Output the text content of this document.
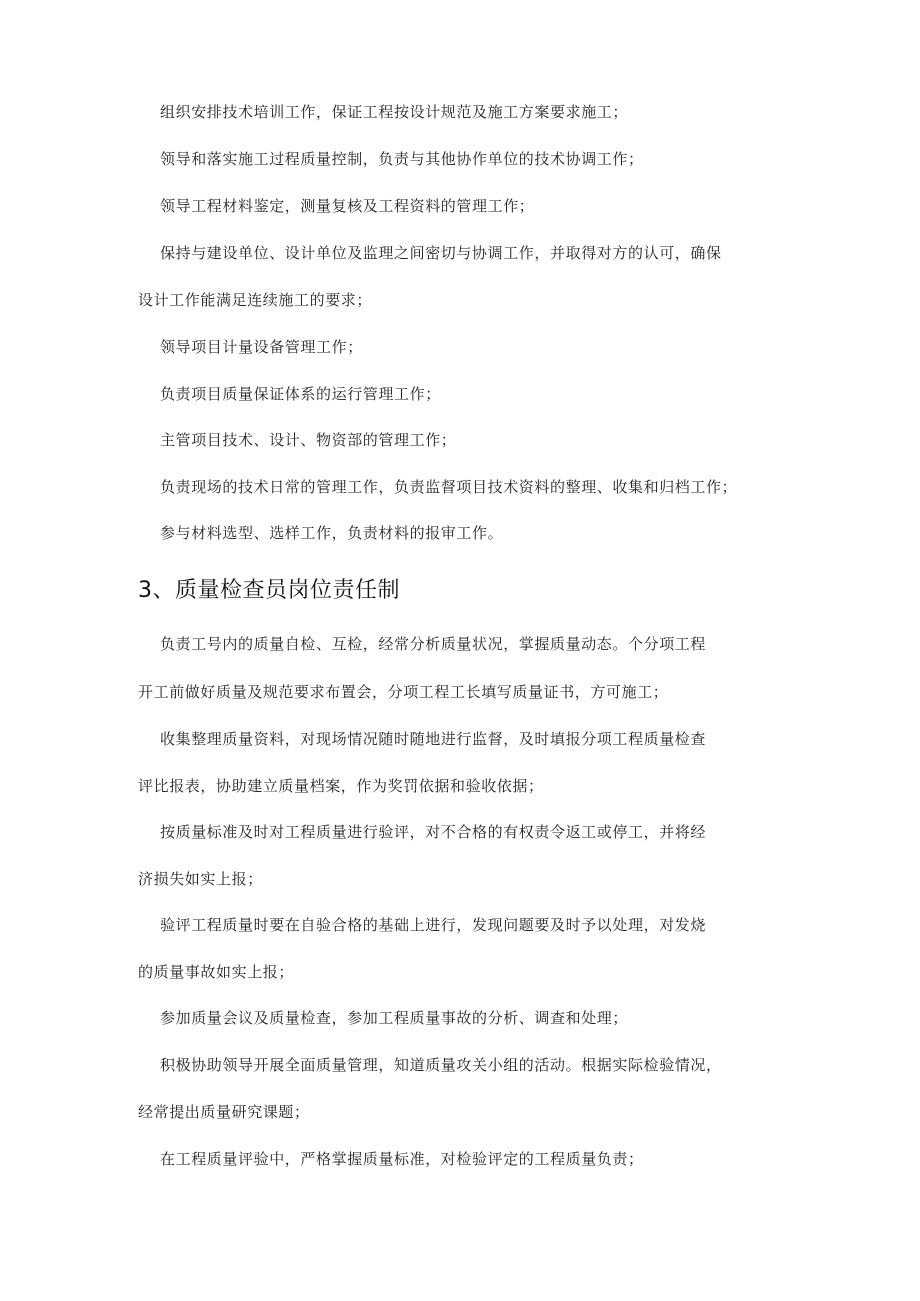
组织安排技术培训工作，保证工程按设计规范及施工方案要求施工；
领导和落实施工过程质量控制，负责与其他协作单位的技术协调工作；
领导工程材料鉴定，测量复核及工程资料的管理工作；
保持与建设单位、设计单位及监理之间密切与协调工作，并取得对方的认可，确保
设计工作能满足连续施工的要求；
领导项目计量设备管理工作；
负责项目质量保证体系的运行管理工作；
主管项目技术、设计、物资部的管理工作；
负责现场的技术日常的管理工作，负责监督项目技术资料的整理、收集和归档工作；
参与材料选型、选样工作，负责材料的报审工作。
3、质量检查员岗位责任制
负责工号内的质量自检、互检，经常分析质量状况，掌握质量动态。个分项工程
开工前做好质量及规范要求布置会，分项工程工长填写质量证书，方可施工；
收集整理质量资料，对现场情况随时随地进行监督，及时填报分项工程质量检查
评比报表，协助建立质量档案，作为奖罚依据和验收依据；
按质量标准及时对工程质量进行验评，对不合格的有权责令返工或停工，并将经
济损失如实上报；
验评工程质量时要在自验合格的基础上进行，发现问题要及时予以处理，对发烧
的质量事故如实上报；
参加质量会议及质量检查，参加工程质量事故的分析、调查和处理；
积极协助领导开展全面质量管理，知道质量攻关小组的活动。根据实际检验情况，
经常提出质量研究课题；
在工程质量评验中，严格掌握质量标准，对检验评定的工程质量负责；
